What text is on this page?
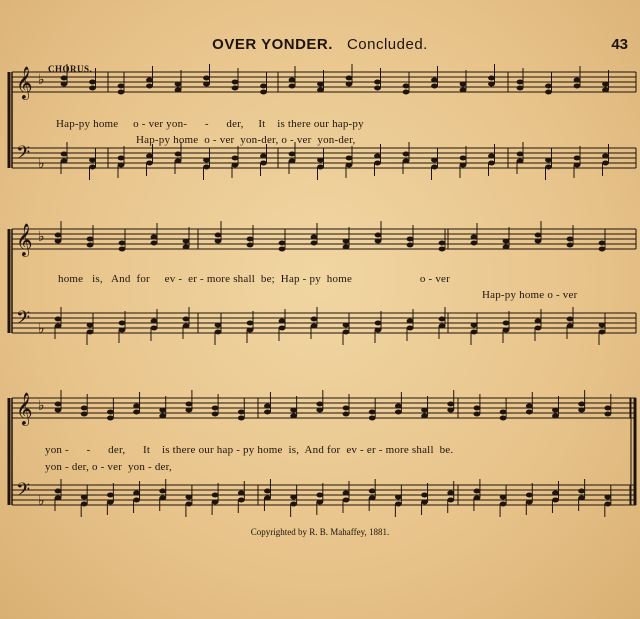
OVER YONDER. Concluded.	43
𝄞
𝄢
♭
♭
𝄞
𝄢
♭
♭
𝄞
𝄢
♭
♭
CHORUS.
Hap-py home     o - ver yon-      -      der,     It    is there our hap-py
Hap-py home  o - ver  yon-der, o - ver  yon-der,
home   is,   And  for     ev -  er - more shall  be;  Hap - py  home                       o - ver
Hap-py home o - ver
yon -      -      der,      It    is there our hap - py home  is,  And for  ev - er - more shall  be.
yon - der, o - ver  yon - der,
Copyrighted by R. B. Mahaffey, 1881.
